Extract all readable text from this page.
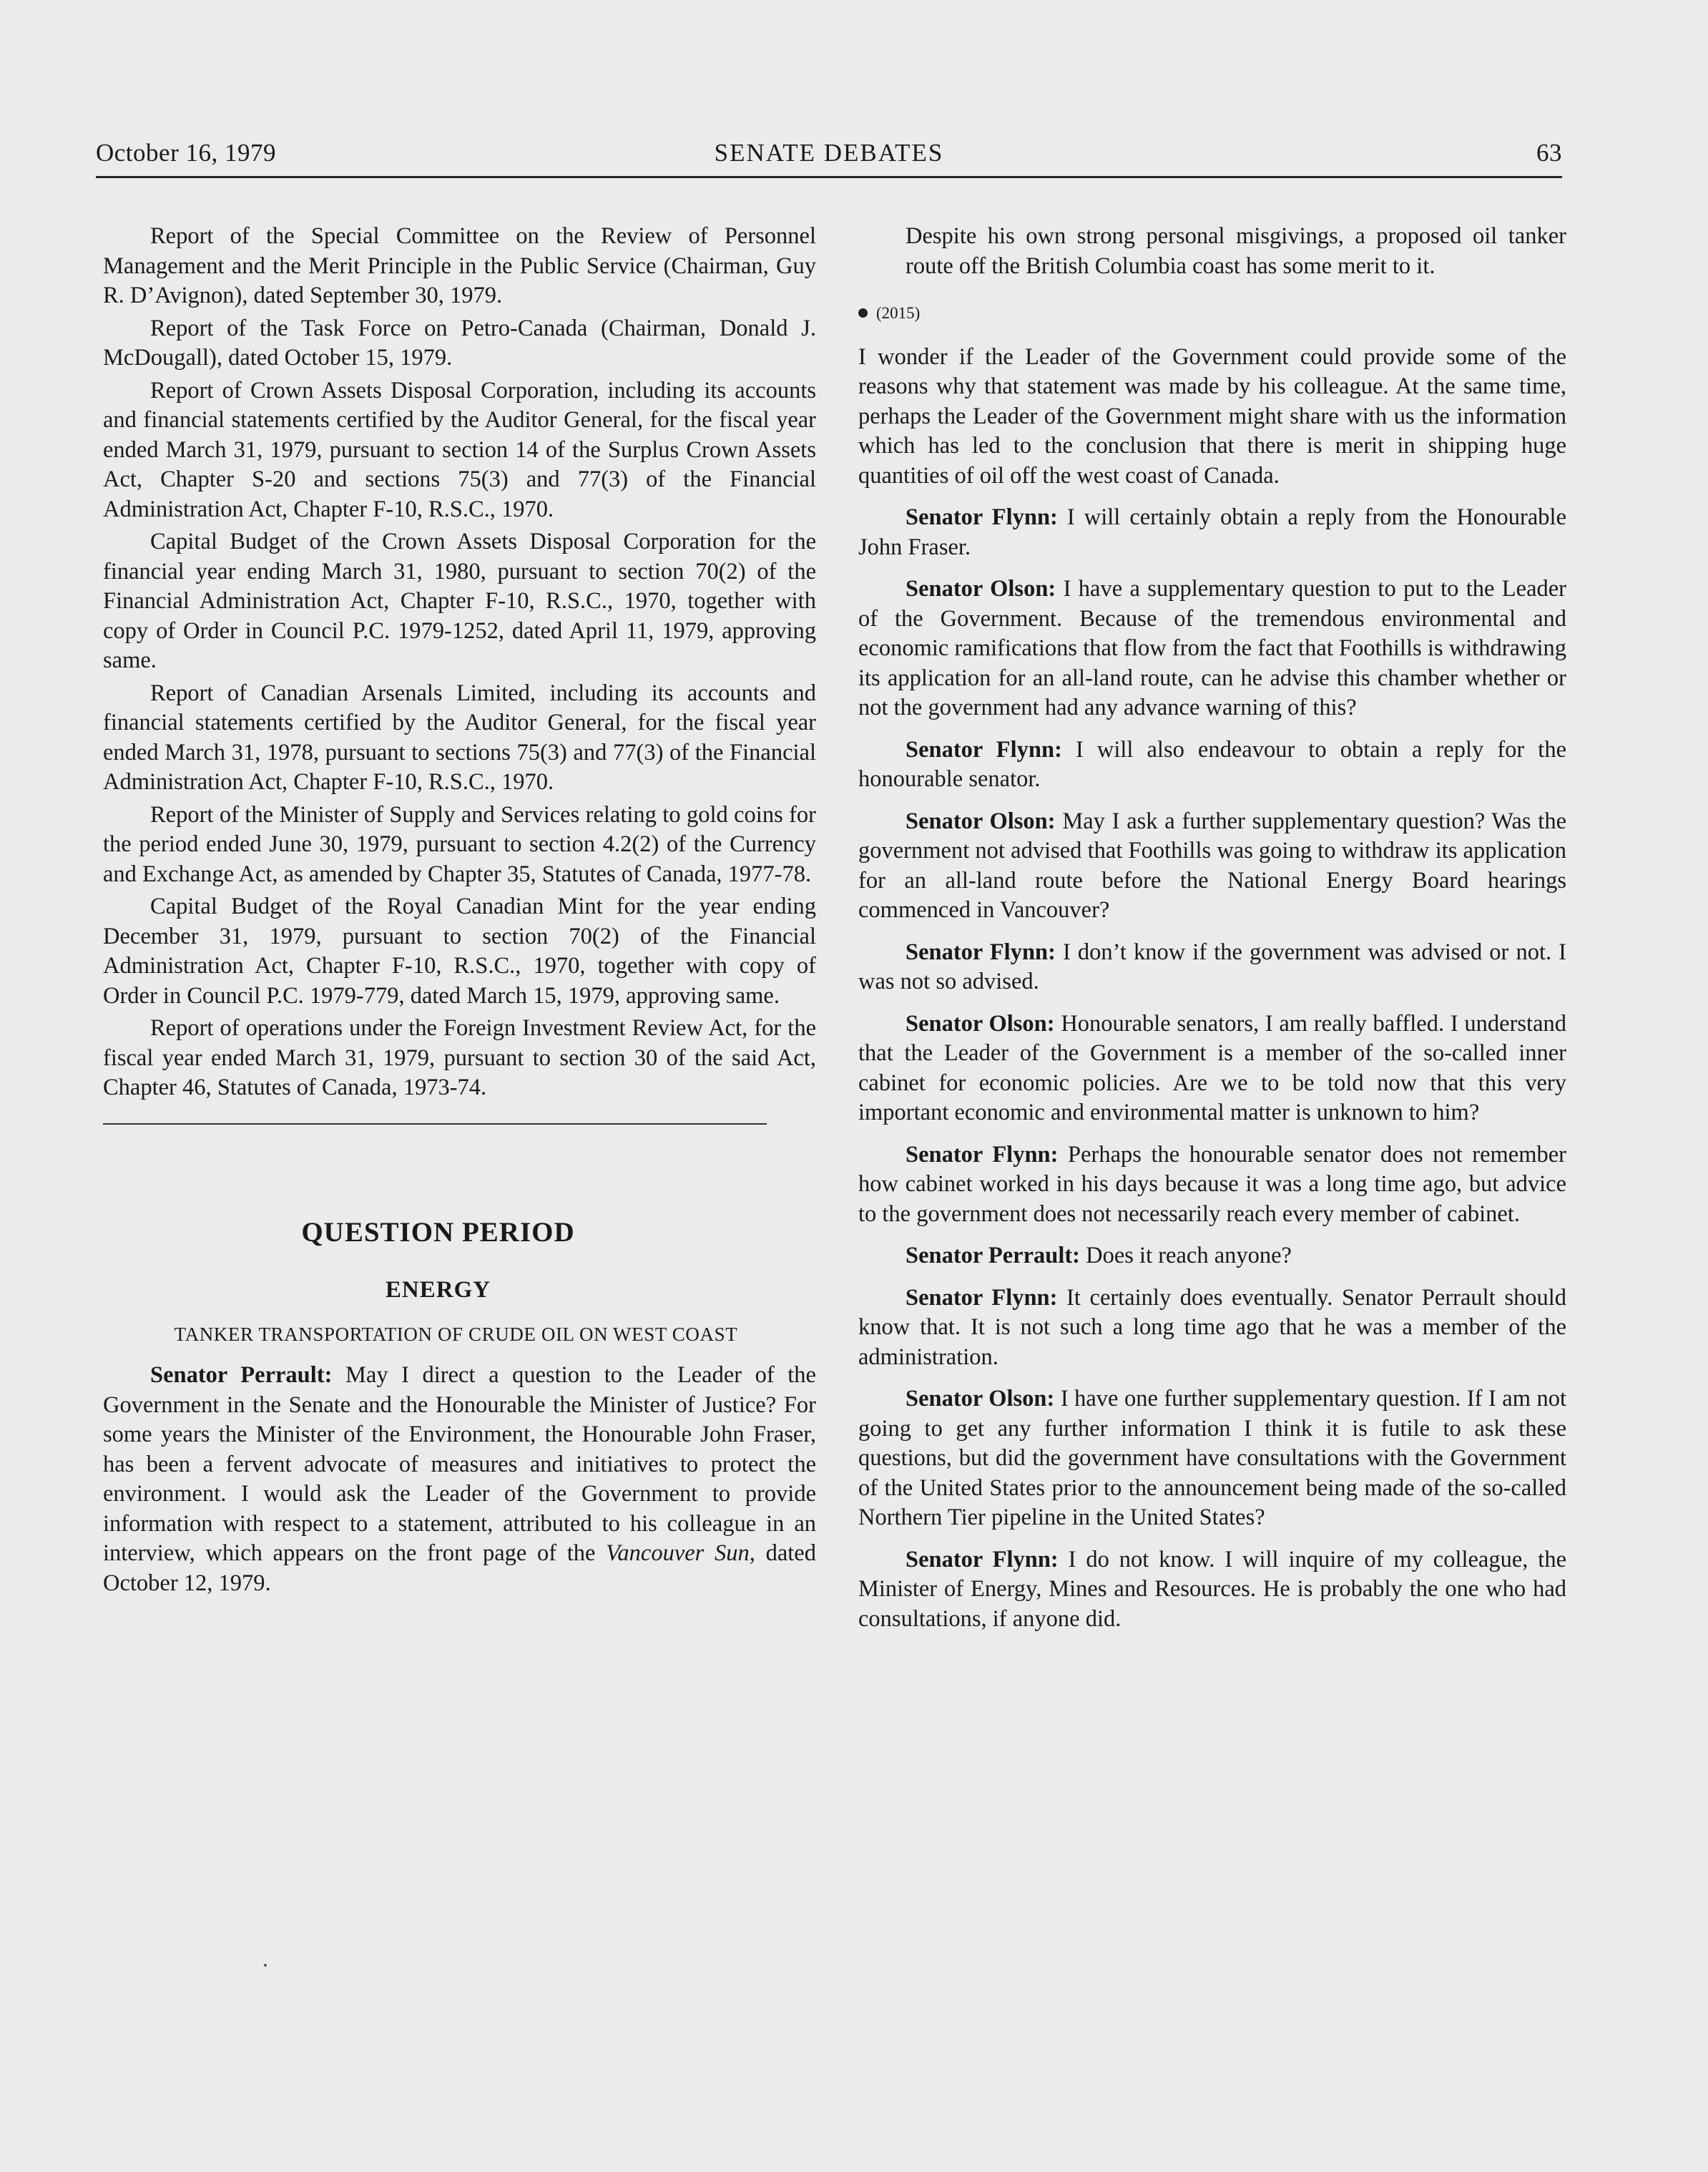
October 16, 1979	SENATE DEBATES	63

Report of the Special Committee on the Review of Personnel Management and the Merit Principle in the Public Service (Chairman, Guy R. D’Avignon), dated September 30, 1979.

Report of the Task Force on Petro-Canada (Chairman, Donald J. McDougall), dated October 15, 1979.

Report of Crown Assets Disposal Corporation, including its accounts and financial statements certified by the Auditor General, for the fiscal year ended March 31, 1979, pursuant to section 14 of the Surplus Crown Assets Act, Chapter S-20 and sections 75(3) and 77(3) of the Financial Administration Act, Chapter F-10, R.S.C., 1970.

Capital Budget of the Crown Assets Disposal Corporation for the financial year ending March 31, 1980, pursuant to section 70(2) of the Financial Administration Act, Chapter F-10, R.S.C., 1970, together with copy of Order in Council P.C. 1979-1252, dated April 11, 1979, approving same.

Report of Canadian Arsenals Limited, including its accounts and financial statements certified by the Auditor General, for the fiscal year ended March 31, 1978, pursuant to sections 75(3) and 77(3) of the Financial Administration Act, Chapter F-10, R.S.C., 1970.

Report of the Minister of Supply and Services relating to gold coins for the period ended June 30, 1979, pursuant to section 4.2(2) of the Currency and Exchange Act, as amended by Chapter 35, Statutes of Canada, 1977-78.

Capital Budget of the Royal Canadian Mint for the year ending December 31, 1979, pursuant to section 70(2) of the Financial Administration Act, Chapter F-10, R.S.C., 1970, together with copy of Order in Council P.C. 1979-779, dated March 15, 1979, approving same.

Report of operations under the Foreign Investment Review Act, for the fiscal year ended March 31, 1979, pursuant to section 30 of the said Act, Chapter 46, Statutes of Canada, 1973-74.

QUESTION PERIOD
ENERGY
TANKER TRANSPORTATION OF CRUDE OIL ON WEST COAST

Senator Perrault: May I direct a question to the Leader of the Government in the Senate and the Honourable the Minister of Justice? For some years the Minister of the Environment, the Honourable John Fraser, has been a fervent advocate of measures and initiatives to protect the environment. I would ask the Leader of the Government to provide information with respect to a statement, attributed to his colleague in an interview, which appears on the front page of the Vancouver Sun, dated October 12, 1979.

Despite his own strong personal misgivings, a proposed oil tanker route off the British Columbia coast has some merit to it.

(2015)

I wonder if the Leader of the Government could provide some of the reasons why that statement was made by his colleague. At the same time, perhaps the Leader of the Government might share with us the information which has led to the conclusion that there is merit in shipping huge quantities of oil off the west coast of Canada.

Senator Flynn: I will certainly obtain a reply from the Honourable John Fraser.

Senator Olson: I have a supplementary question to put to the Leader of the Government. Because of the tremendous environmental and economic ramifications that flow from the fact that Foothills is withdrawing its application for an all-land route, can he advise this chamber whether or not the government had any advance warning of this?

Senator Flynn: I will also endeavour to obtain a reply for the honourable senator.

Senator Olson: May I ask a further supplementary question? Was the government not advised that Foothills was going to withdraw its application for an all-land route before the National Energy Board hearings commenced in Vancouver?

Senator Flynn: I don’t know if the government was advised or not. I was not so advised.

Senator Olson: Honourable senators, I am really baffled. I understand that the Leader of the Government is a member of the so-called inner cabinet for economic policies. Are we to be told now that this very important economic and environmental matter is unknown to him?

Senator Flynn: Perhaps the honourable senator does not remember how cabinet worked in his days because it was a long time ago, but advice to the government does not necessarily reach every member of cabinet.

Senator Perrault: Does it reach anyone?

Senator Flynn: It certainly does eventually. Senator Perrault should know that. It is not such a long time ago that he was a member of the administration.

Senator Olson: I have one further supplementary question. If I am not going to get any further information I think it is futile to ask these questions, but did the government have consultations with the Government of the United States prior to the announcement being made of the so-called Northern Tier pipeline in the United States?

Senator Flynn: I do not know. I will inquire of my colleague, the Minister of Energy, Mines and Resources. He is probably the one who had consultations, if anyone did.
